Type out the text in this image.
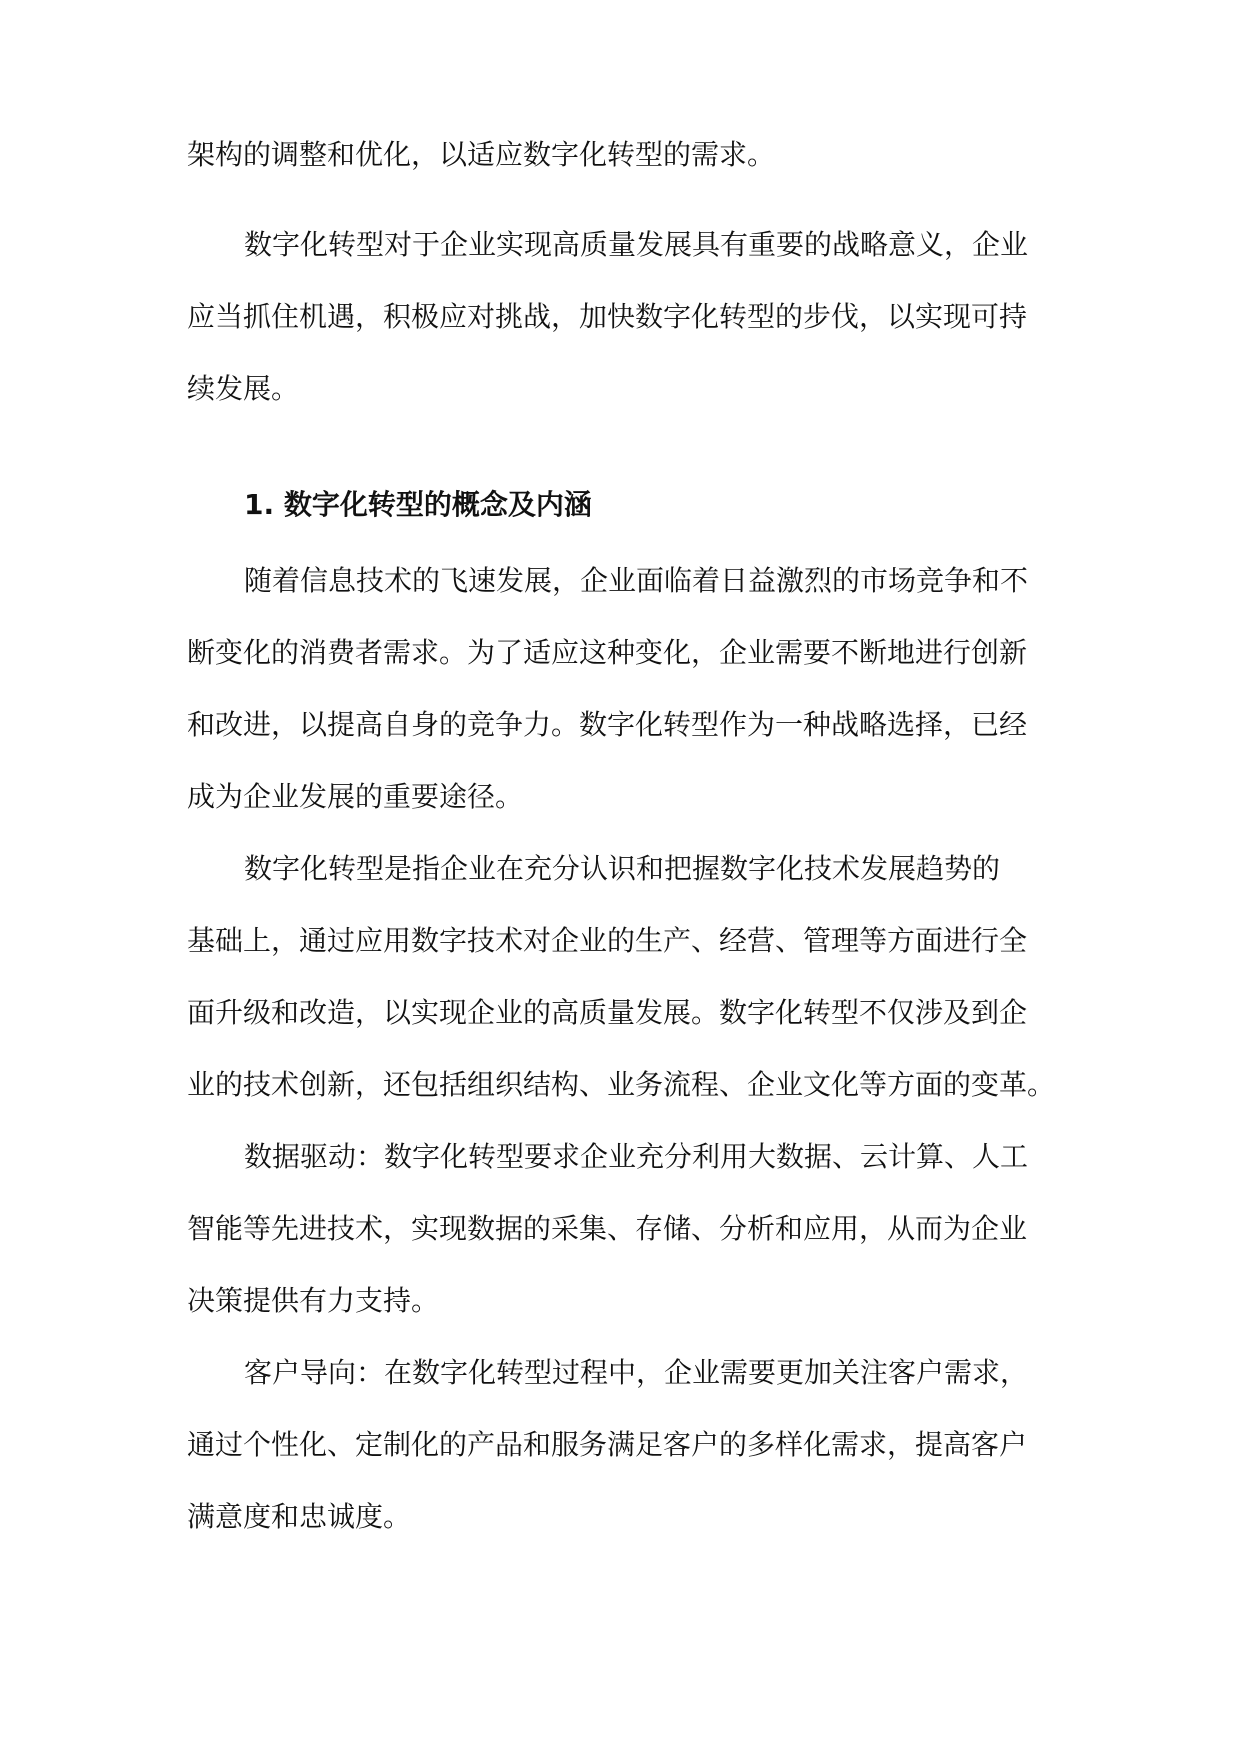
架构的调整和优化，以适应数字化转型的需求。
数字化转型对于企业实现高质量发展具有重要的战略意义，企业
应当抓住机遇，积极应对挑战，加快数字化转型的步伐，以实现可持
续发展。
1. 数字化转型的概念及内涵
随着信息技术的飞速发展，企业面临着日益激烈的市场竞争和不
断变化的消费者需求。为了适应这种变化，企业需要不断地进行创新
和改进，以提高自身的竞争力。数字化转型作为一种战略选择，已经
成为企业发展的重要途径。
数字化转型是指企业在充分认识和把握数字化技术发展趋势的
基础上，通过应用数字技术对企业的生产、经营、管理等方面进行全
面升级和改造，以实现企业的高质量发展。数字化转型不仅涉及到企
业的技术创新，还包括组织结构、业务流程、企业文化等方面的变革。
数据驱动：数字化转型要求企业充分利用大数据、云计算、人工
智能等先进技术，实现数据的采集、存储、分析和应用，从而为企业
决策提供有力支持。
客户导向：在数字化转型过程中，企业需要更加关注客户需求，
通过个性化、定制化的产品和服务满足客户的多样化需求，提高客户
满意度和忠诚度。
